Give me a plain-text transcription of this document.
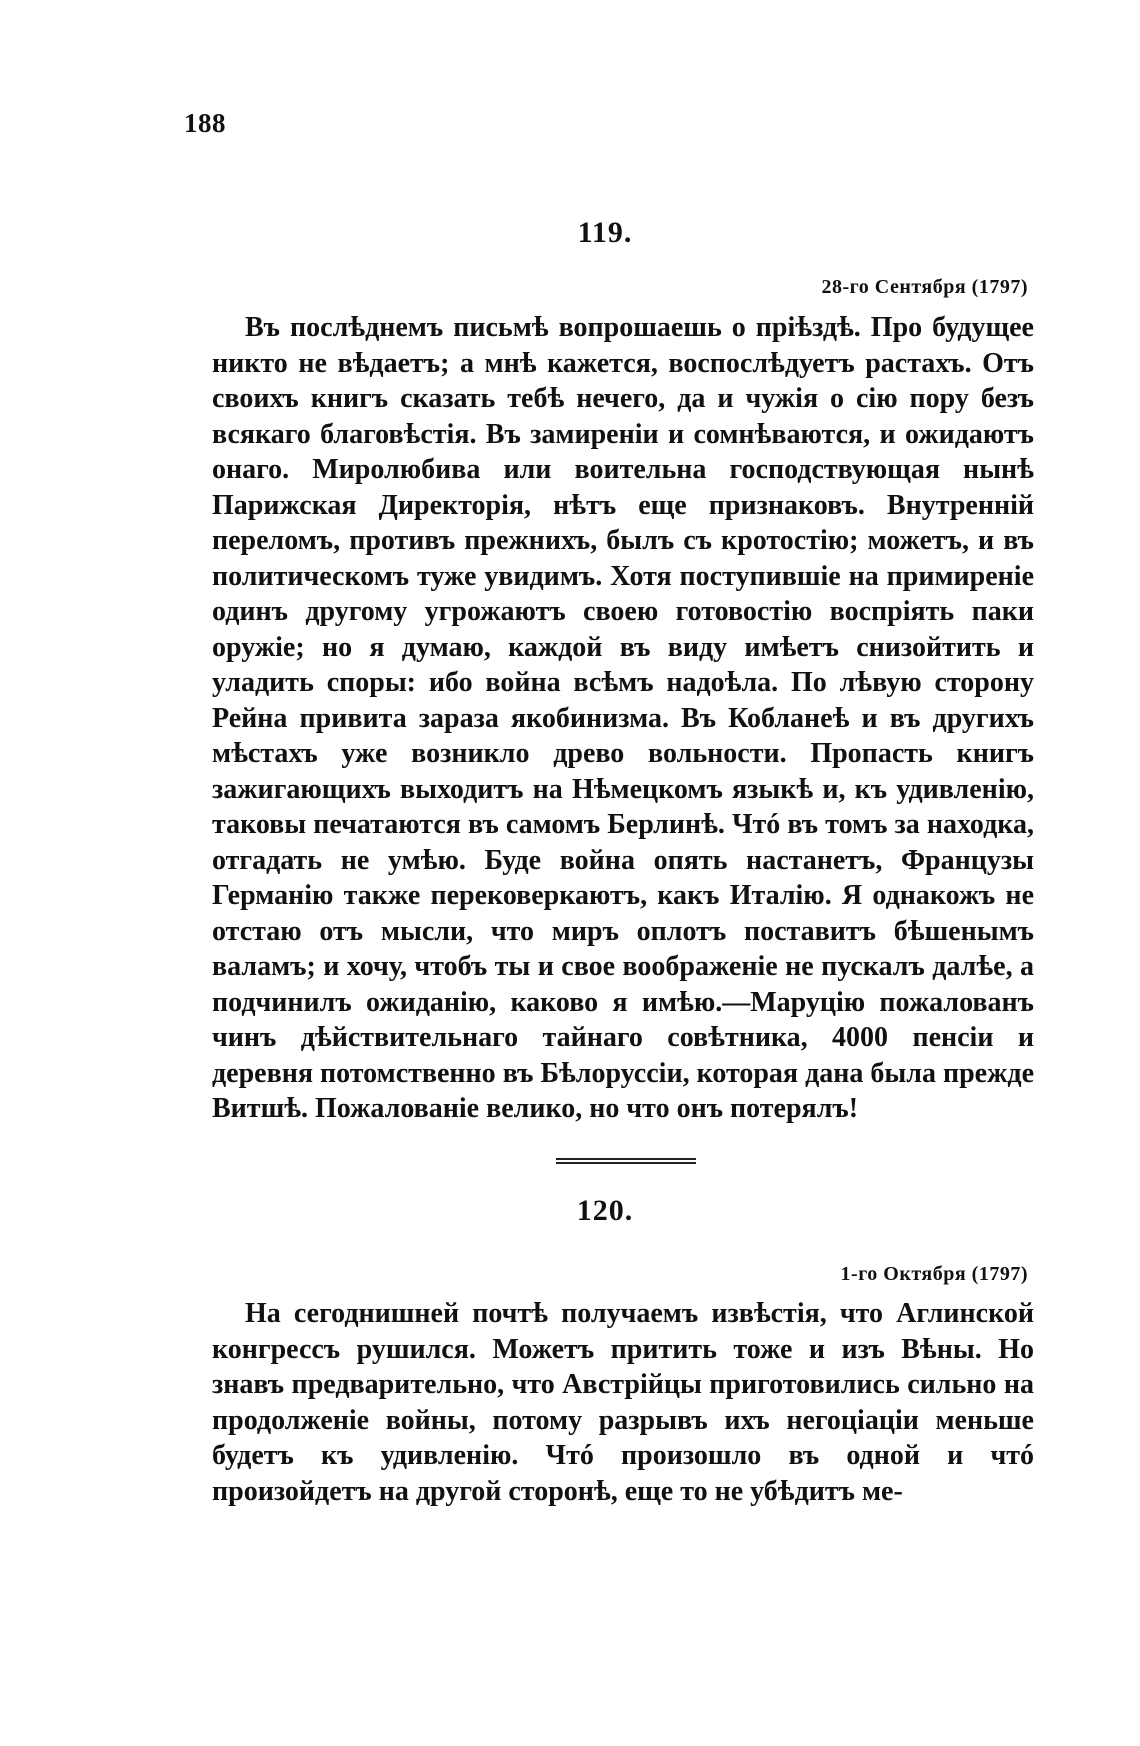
188
119.
28-го Сентября (1797)

Въ послѣднемъ письмѣ вопрошаешь о пріѣздѣ. Про будущее никто не вѣдаетъ; а мнѣ кажется, воспослѣдуетъ растахъ. Отъ своихъ книгъ сказать тебѣ нечего, да и чужія о сію пору безъ всякаго благовѣстія. Въ замиреніи и сомнѣваются, и ожидаютъ онаго. Миролюбива или воительна господствующая нынѣ Парижская Директорія, нѣтъ еще признаковъ. Внутренній переломъ, противъ прежнихъ, былъ съ кротостію; можетъ, и въ политическомъ туже увидимъ. Хотя поступившіе на примиреніе одинъ другому угрожаютъ своею готовостію воспріять паки оружіе; но я думаю, каждой въ виду имѣетъ снизойтить и уладить споры: ибо война всѣмъ надоѣла. По лѣвую сторону Рейна привита зараза якобинизма. Въ Кобланеѣ и въ другихъ мѣстахъ уже возникло древо вольности. Пропасть книгъ зажигающихъ выходитъ на Нѣмецкомъ языкѣ и, къ удивленію, таковы печатаются въ самомъ Берлинѣ. Чтó въ томъ за находка, отгадать не умѣю. Буде война опять настанетъ, Французы Германію также перековеркаютъ, какъ Италію. Я однакожъ не отстаю отъ мысли, что миръ оплотъ поставитъ бѣшенымъ валамъ; и хочу, чтобъ ты и свое воображеніе не пускалъ далѣе, а подчинилъ ожиданію, каково я имѣю.—Маруцію пожалованъ чинъ дѣйствительнаго тайнаго совѣтника, 4000 пенсіи и деревня потомственно въ Бѣлоруссіи, которая дана была прежде Витшѣ. Пожалованіе велико, но что онъ потерялъ!

120.
1-го Октября (1797)

На сегоднишней почтѣ получаемъ извѣстія, что Аглинской конгрессъ рушился. Можетъ притить тоже и изъ Вѣны. Но знавъ предварительно, что Австрійцы приготовились сильно на продолженіе войны, потому разрывъ ихъ негоціаціи меньше будетъ къ удивленію. Чтó произошло въ одной и чтó произойдетъ на другой сторонѣ, еще то не убѣдитъ ме-
